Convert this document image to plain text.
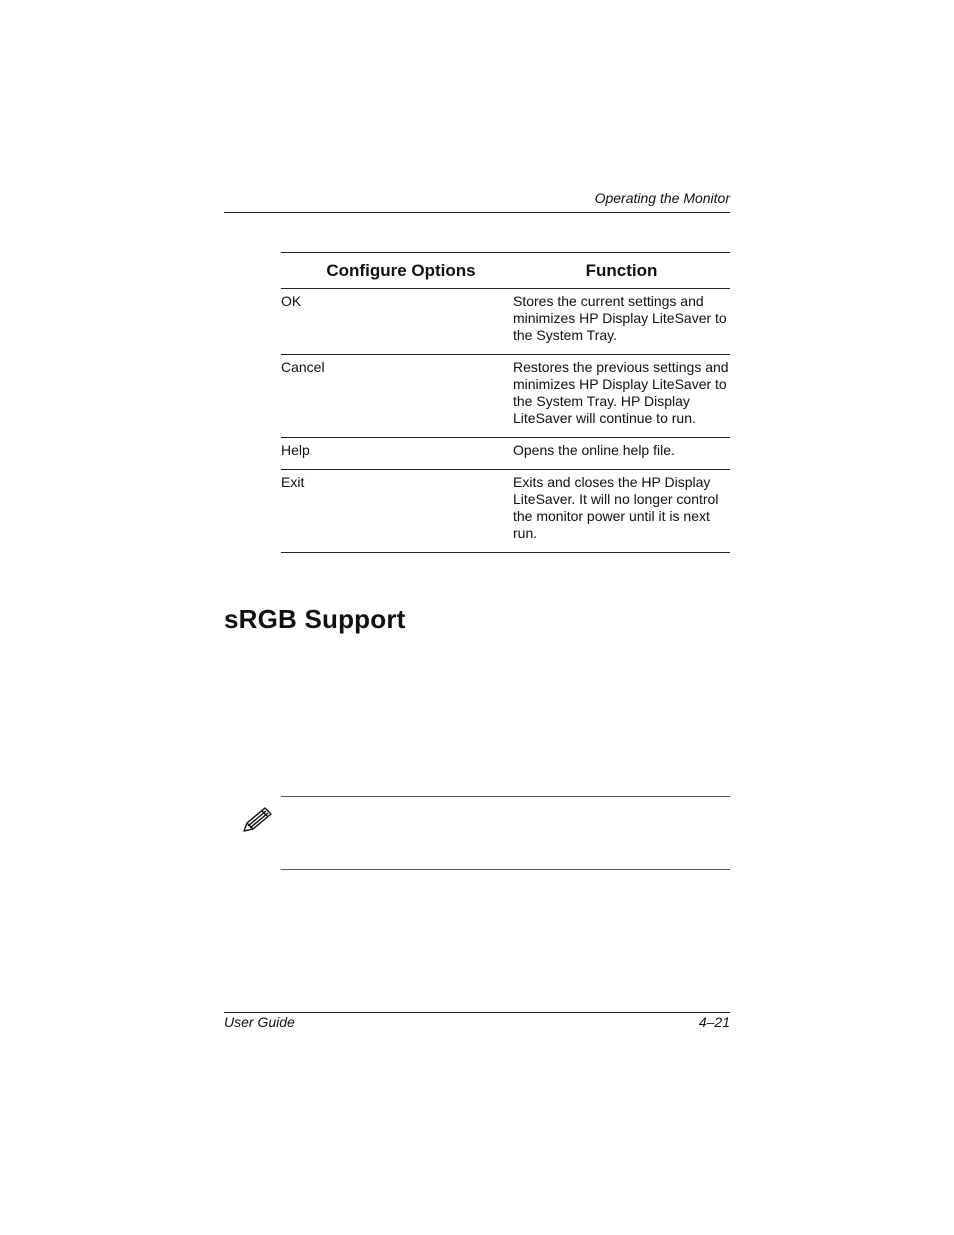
Operating the Monitor
Configure Options	Function
OK	Stores the current settings and minimizes HP Display LiteSaver to the System Tray.
Cancel	Restores the previous settings and minimizes HP Display LiteSaver to the System Tray. HP Display LiteSaver will continue to run.
Help	Opens the online help file.
Exit	Exits and closes the HP Display LiteSaver. It will no longer control the monitor power until it is next run.
sRGB Support
User Guide	4–21
